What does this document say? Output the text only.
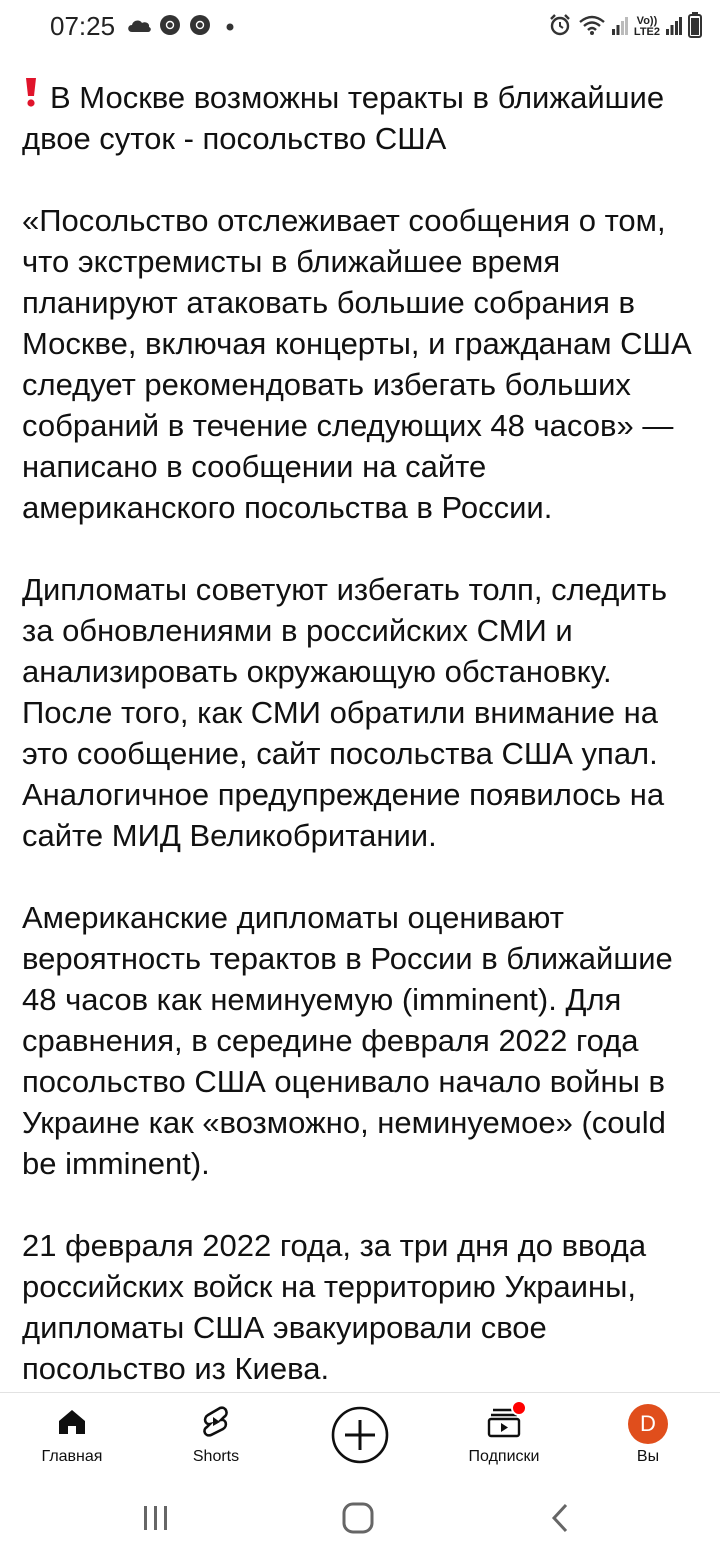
07:25	Vo))
LTE2

В Москве возможны теракты в ближайшие двое суток - посольство США

«Посольство отслеживает сообщения о том, что экстремисты в ближайшее время планируют атаковать большие собрания в Москве, включая концерты, и гражданам США следует рекомендовать избегать больших собраний в течение следующих 48 часов» — написано в сообщении на сайте американского посольства в России.

Дипломаты советуют избегать толп, следить за обновлениями в российских СМИ и анализировать окружающую обстановку. После того, как СМИ обратили внимание на это сообщение, сайт посольства США упал. Аналогичное предупреждение появилось на сайте МИД Великобритании.

Американские дипломаты оценивают вероятность терактов в России в ближайшие 48 часов как неминуемую (imminent). Для сравнения, в середине февраля 2022 года посольство США оценивало начало войны в Украине как «возможно, неминуемое» (could be imminent).

21 февраля 2022 года, за три дня до ввода российских войск на территорию Украины, дипломаты США эвакуировали свое посольство из Киева.

Главная	Shorts	Подписки
D
Вы
